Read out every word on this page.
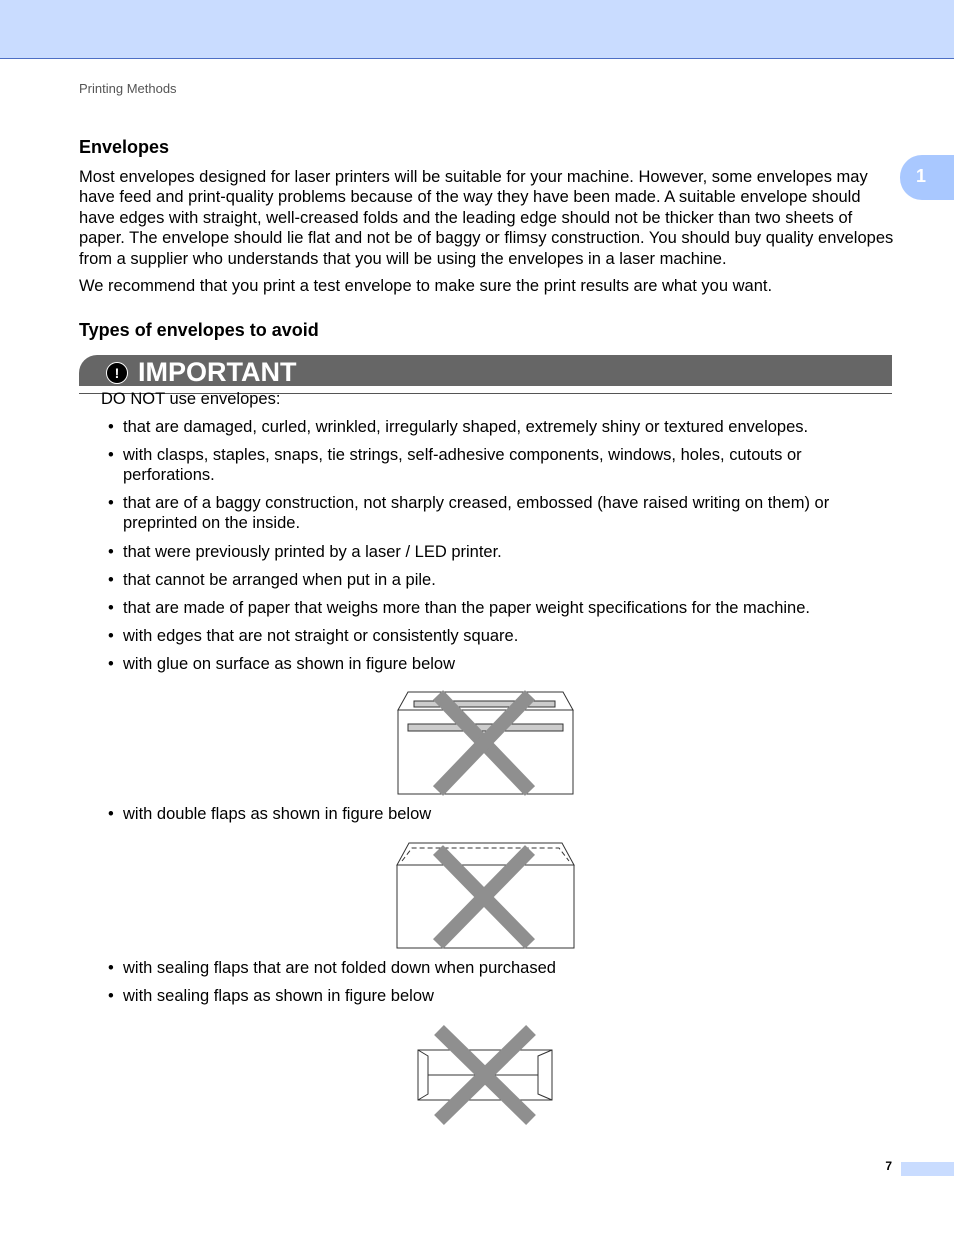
Printing Methods
1
Envelopes

Most envelopes designed for laser printers will be suitable for your machine. However, some envelopes may have feed and print-quality problems because of the way they have been made. A suitable envelope should have edges with straight, well-creased folds and the leading edge should not be thicker than two sheets of paper. The envelope should lie flat and not be of baggy or flimsy construction. You should buy quality envelopes from a supplier who understands that you will be using the envelopes in a laser machine.

We recommend that you print a test envelope to make sure the print results are what you want.

Types of envelopes to avoid
! IMPORTANT

DO NOT use envelopes:

• that are damaged, curled, wrinkled, irregularly shaped, extremely shiny or textured envelopes.
• with clasps, staples, snaps, tie strings, self-adhesive components, windows, holes, cutouts or perforations.
• that are of a baggy construction, not sharply creased, embossed (have raised writing on them) or preprinted on the inside.
• that were previously printed by a laser / LED printer.
• that cannot be arranged when put in a pile.
• that are made of paper that weighs more than the paper weight specifications for the machine.
• with edges that are not straight or consistently square.
• with glue on surface as shown in figure below
• with double flaps as shown in figure below
• with sealing flaps that are not folded down when purchased
• with sealing flaps as shown in figure below
7
